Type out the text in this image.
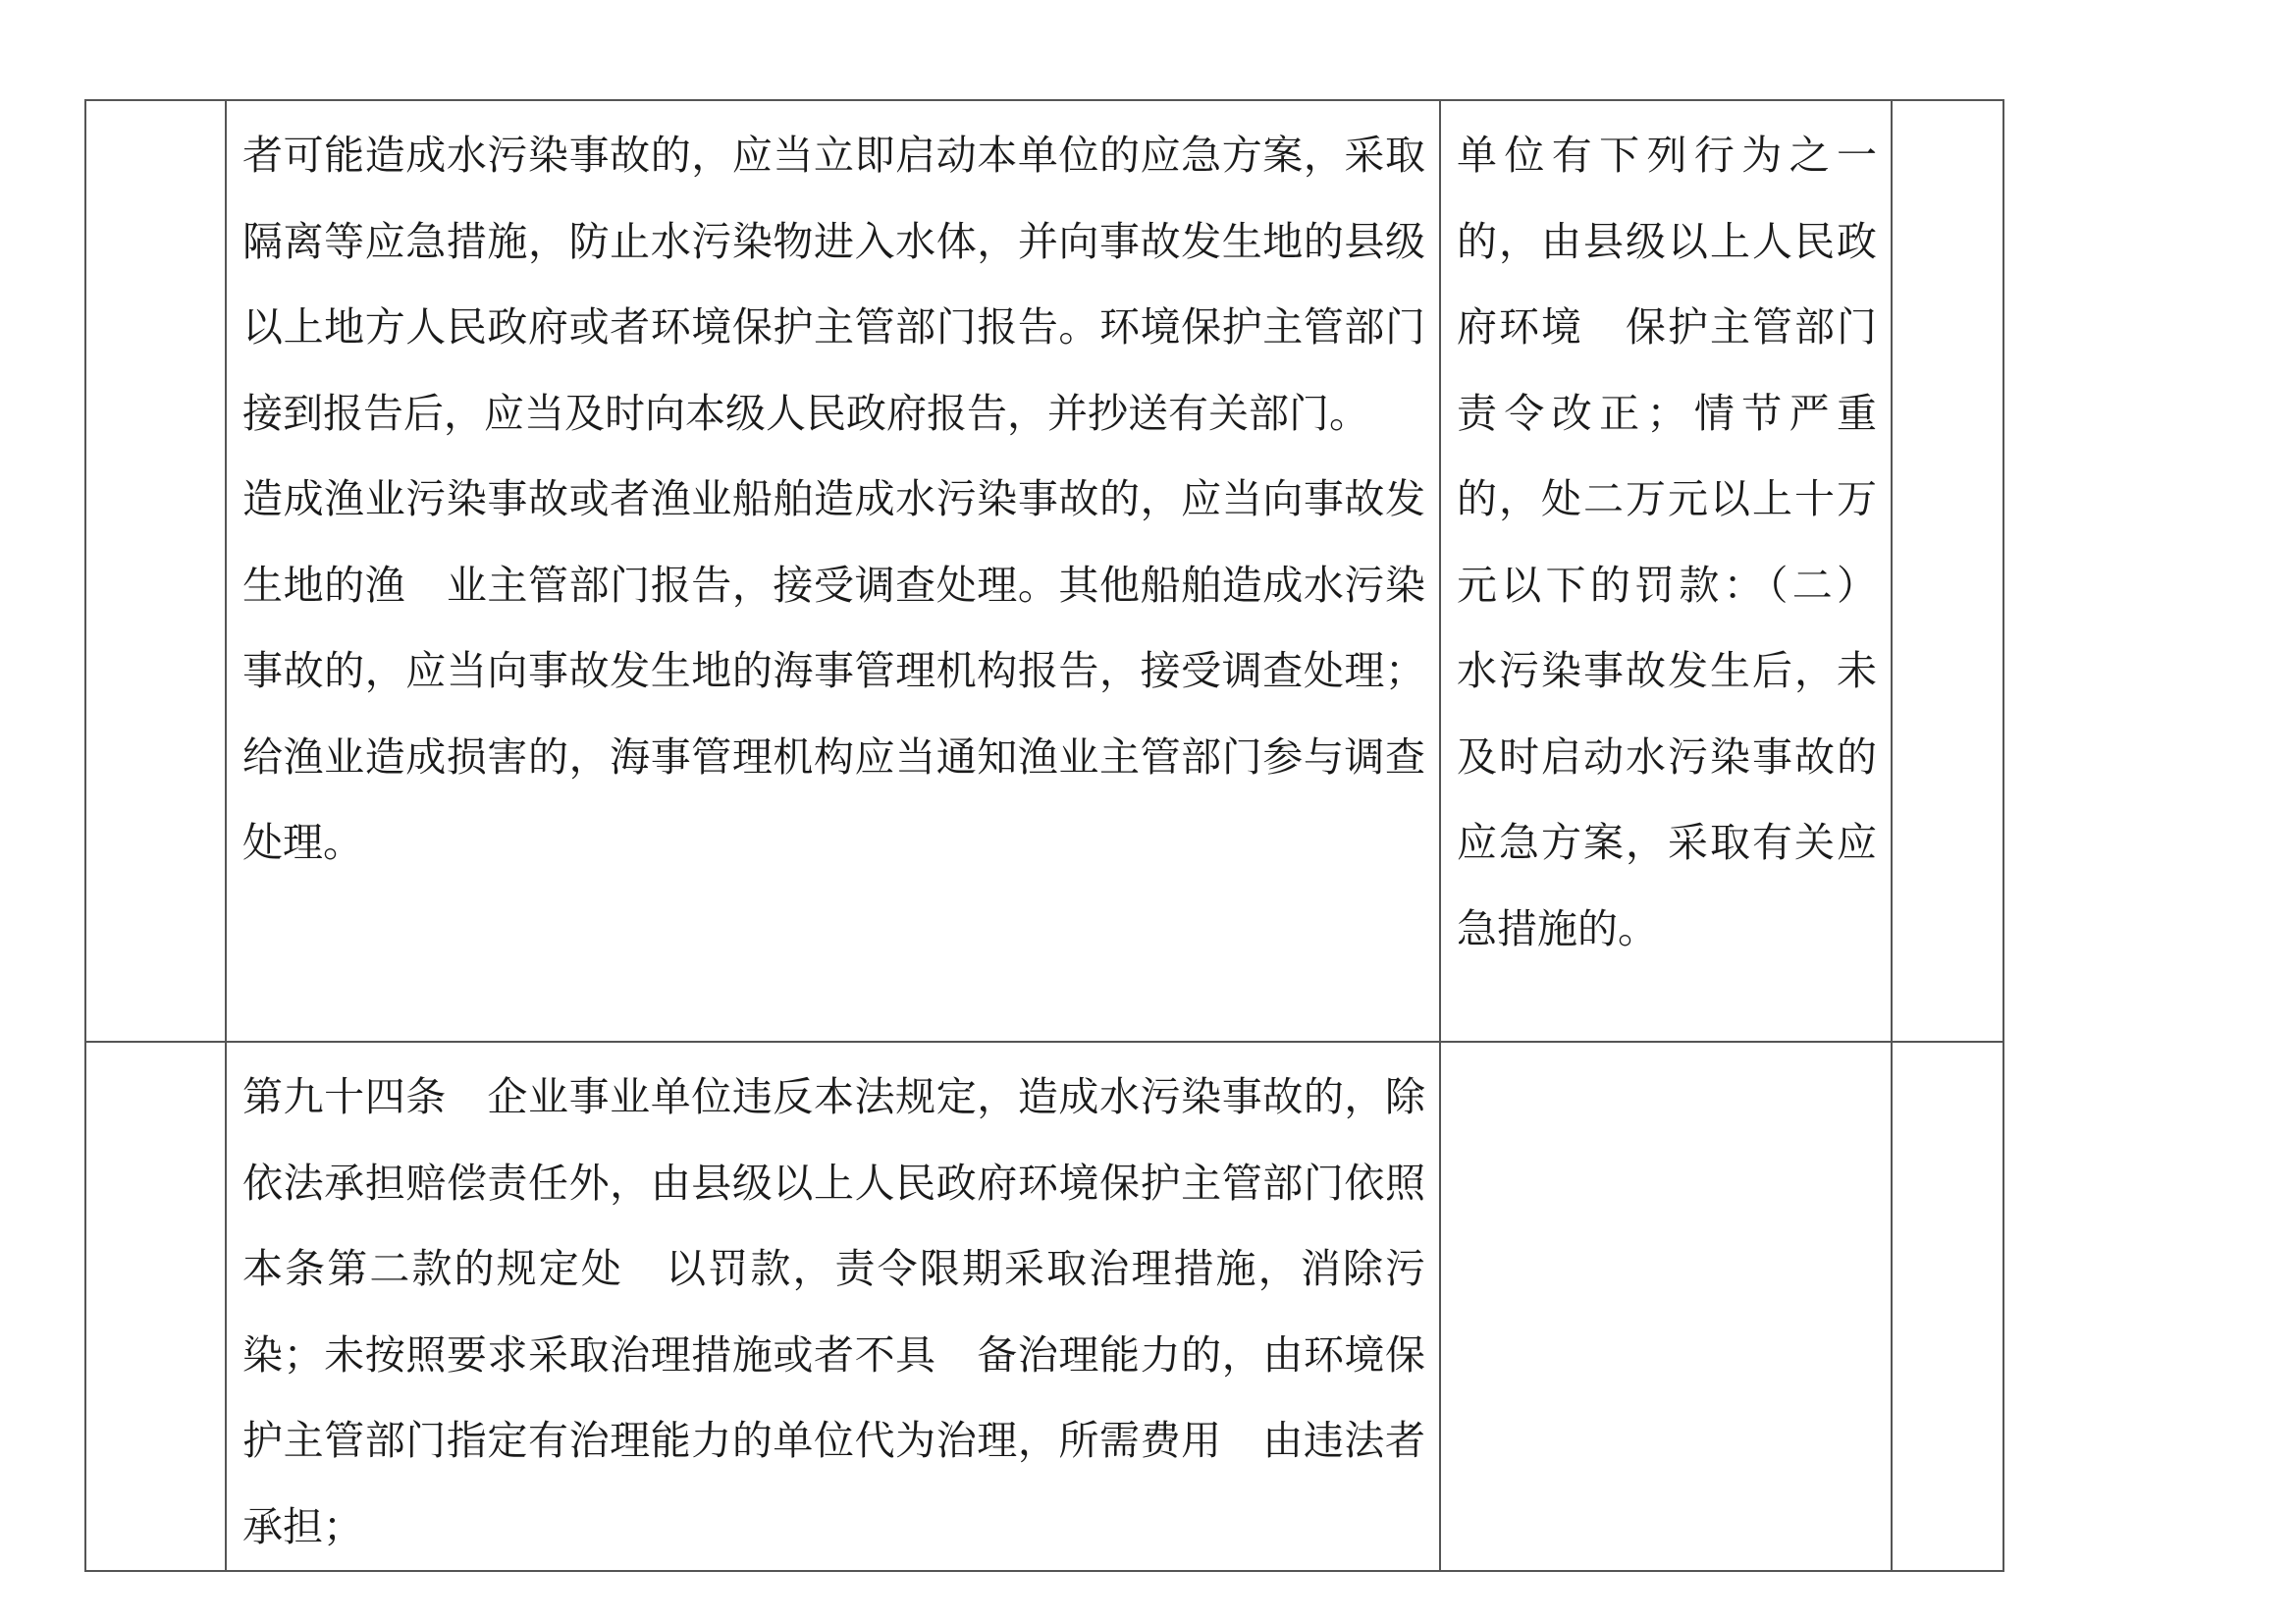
	者可能造成水污染事故的，应当立即启动本单位的应急方案，采取隔离等应急措施，防止水污染物进入水体，并向事故发生地的县级以上地方人民政府或者环境保护主管部门报告。环境保护主管部门接到报告后，应当及时向本级人民政府报告，并抄送有关部门。

造成渔业污染事故或者渔业船舶造成水污染事故的，应当向事故发生地的渔　业主管部门报告，接受调查处理。其他船舶造成水污染事故的，应当向事故发生地的海事管理机构报告，接受调查处理；给渔业造成损害的，海事管理机构应当通知渔业主管部门参与调查处理。	单位有下列行为之一的，由县级以上人民政府环境　保护主管部门责令改正；情节严重的，处二万元以上十万元以下的罚款：（二）水污染事故发生后，未及时启动水污染事故的应急方案，采取有关应　急措施的。	

	第九十四条　企业事业单位违反本法规定，造成水污染事故的，除依法承担赔偿责任外，由县级以上人民政府环境保护主管部门依照本条第二款的规定处　以罚款，责令限期采取治理措施，消除污染；未按照要求采取治理措施或者不具　备治理能力的，由环境保护主管部门指定有治理能力的单位代为治理，所需费用　由违法者承担；		
